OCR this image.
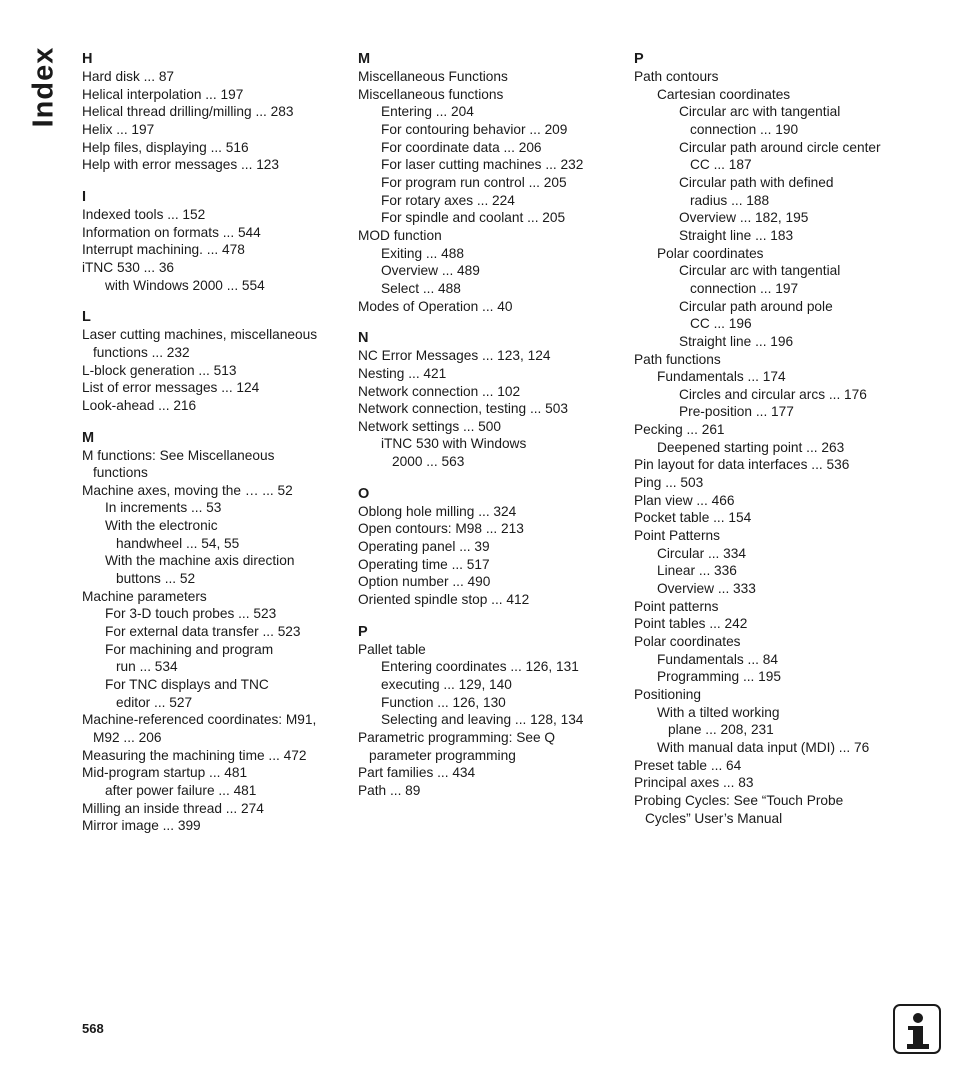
Index H
Hard disk ... 87
Helical interpolation ... 197
Helical thread drilling/milling ... 283
Helix ... 197
Help files, displaying ... 516
Help with error messages ... 123
I
Indexed tools ... 152
Information on formats ... 544
Interrupt machining. ... 478
iTNC 530 ... 36
with Windows 2000 ... 554
L
Laser cutting machines, miscellaneous
functions ... 232
L-block generation ... 513
List of error messages ... 124
Look-ahead ... 216
M
M functions: See Miscellaneous
functions
Machine axes, moving the … ... 52
In increments ... 53
With the electronic
handwheel ... 54, 55
With the machine axis direction
buttons ... 52
Machine parameters
For 3-D touch probes ... 523
For external data transfer ... 523
For machining and program
run ... 534
For TNC displays and TNC
editor ... 527
Machine-referenced coordinates: M91,
M92 ... 206
Measuring the machining time ... 472
Mid-program startup ... 481
after power failure ... 481
Milling an inside thread ... 274
Mirror image ... 399
M
Miscellaneous Functions
Miscellaneous functions
Entering ... 204
For contouring behavior ... 209
For coordinate data ... 206
For laser cutting machines ... 232
For program run control ... 205
For rotary axes ... 224
For spindle and coolant ... 205
MOD function
Exiting ... 488
Overview ... 489
Select ... 488
Modes of Operation ... 40
N
NC Error Messages ... 123, 124
Nesting ... 421
Network connection ... 102
Network connection, testing ... 503
Network settings ... 500
iTNC 530 with Windows
2000 ... 563
O
Oblong hole milling ... 324
Open contours: M98 ... 213
Operating panel ... 39
Operating time ... 517
Option number ... 490
Oriented spindle stop ... 412
P
Pallet table
Entering coordinates ... 126, 131
executing ... 129, 140
Function ... 126, 130
Selecting and leaving ... 128, 134
Parametric programming: See Q
parameter programming
Part families ... 434
Path ... 89
P
Path contours
Cartesian coordinates
Circular arc with tangential
connection ... 190
Circular path around circle center
CC ... 187
Circular path with defined
radius ... 188
Overview ... 182, 195
Straight line ... 183
Polar coordinates
Circular arc with tangential
connection ... 197
Circular path around pole
CC ... 196
Straight line ... 196
Path functions
Fundamentals ... 174
Circles and circular arcs ... 176
Pre-position ... 177
Pecking ... 261
Deepened starting point ... 263
Pin layout for data interfaces ... 536
Ping ... 503
Plan view ... 466
Pocket table ... 154
Point Patterns
Circular ... 334
Linear ... 336
Overview ... 333
Point patterns
Point tables ... 242
Polar coordinates
Fundamentals ... 84
Programming ... 195
Positioning
With a tilted working
plane ... 208, 231
With manual data input (MDI) ... 76
Preset table ... 64
Principal axes ... 83
Probing Cycles: See “Touch Probe
Cycles” User’s Manual
568
